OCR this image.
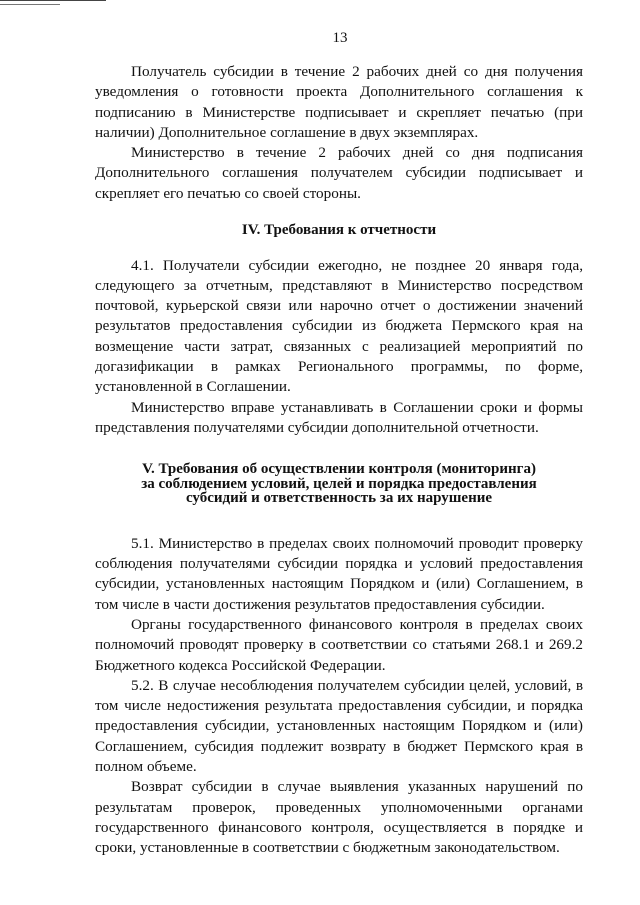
13

Получатель субсидии в течение 2 рабочих дней со дня получения уведомления о готовности проекта Дополнительного соглашения к подписанию в Министерстве подписывает и скрепляет печатью (при наличии) Дополнительное соглашение в двух экземплярах.

Министерство в течение 2 рабочих дней со дня подписания Дополнительного соглашения получателем субсидии подписывает и скрепляет его печатью со своей стороны.

IV. Требования к отчетности

4.1. Получатели субсидии ежегодно, не позднее 20 января года, следующего за отчетным, представляют в Министерство посредством почтовой, курьерской связи или нарочно отчет о достижении значений результатов предоставления субсидии из бюджета Пермского края на возмещение части затрат, связанных с реализацией мероприятий по догазификации в рамках Регионального программы, по форме, установленной в Соглашении.

Министерство вправе устанавливать в Соглашении сроки и формы представления получателями субсидии дополнительной отчетности.

V. Требования об осуществлении контроля (мониторинга)
за соблюдением условий, целей и порядка предоставления
субсидий и ответственность за их нарушение

5.1. Министерство в пределах своих полномочий проводит проверку соблюдения получателями субсидии порядка и условий предоставления субсидии, установленных настоящим Порядком и (или) Соглашением, в том числе в части достижения результатов предоставления субсидии.

Органы государственного финансового контроля в пределах своих полномочий проводят проверку в соответствии со статьями 268.1 и 269.2 Бюджетного кодекса Российской Федерации.

5.2. В случае несоблюдения получателем субсидии целей, условий, в том числе недостижения результата предоставления субсидии, и порядка предоставления субсидии, установленных настоящим Порядком и (или) Соглашением, субсидия подлежит возврату в бюджет Пермского края в полном объеме.

Возврат субсидии в случае выявления указанных нарушений по результатам проверок, проведенных уполномоченными органами государственного финансового контроля, осуществляется в порядке и сроки, установленные в соответствии с бюджетным законодательством.
